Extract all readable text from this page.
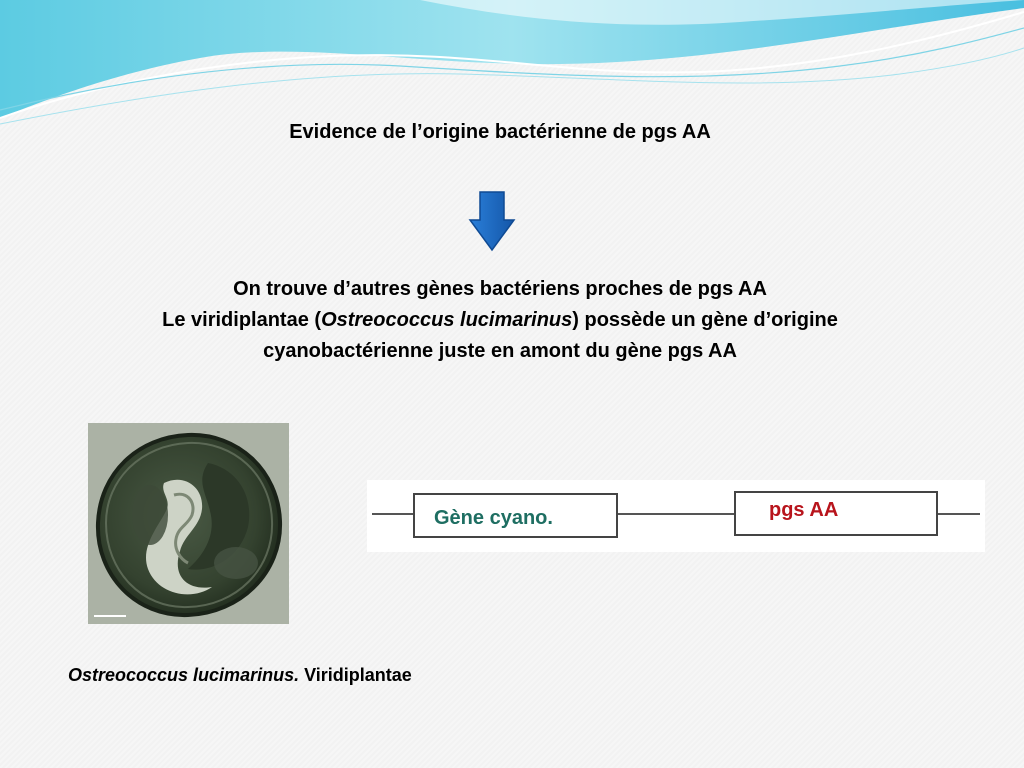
Evidence de l’origine bactérienne de pgs AA
On trouve d’autres gènes bactériens proches de pgs AA
Le viridiplantae (Ostreococcus lucimarinus) possède un gène d’origine
cyanobactérienne juste en amont du gène pgs AA
Gène cyano.	pgs AA

Ostreococcus lucimarinus. Viridiplantae
